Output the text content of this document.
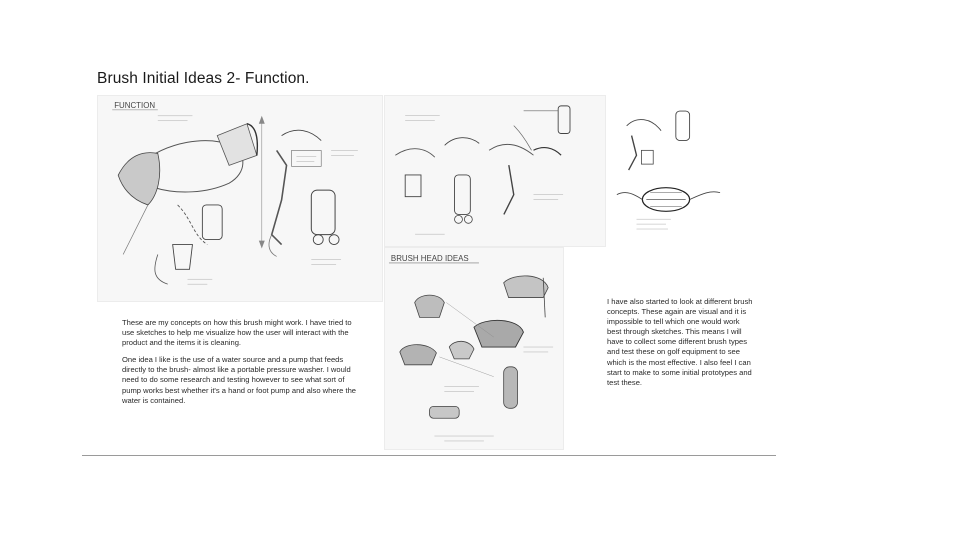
Brush Initial Ideas 2- Function.
FUNCTION
BRUSH HEAD IDEAS

These are my concepts on how this brush might work. I have tried to use sketches to help me visualize how the user will interact with the product and the items it is cleaning.

One idea I like is the use of a water source and a pump that feeds directly to the brush- almost like a portable pressure washer. I would need to do some research and testing however to see what sort of pump works best whether it's a hand or foot pump and also where the water is contained.

I have also started to look at different brush concepts. These again are visual and it is impossible to tell which one would work best through sketches. This means I will have to collect some different brush types and test these on golf equipment to see which is the most effective. I also feel I can start to make to some initial prototypes and test these.
